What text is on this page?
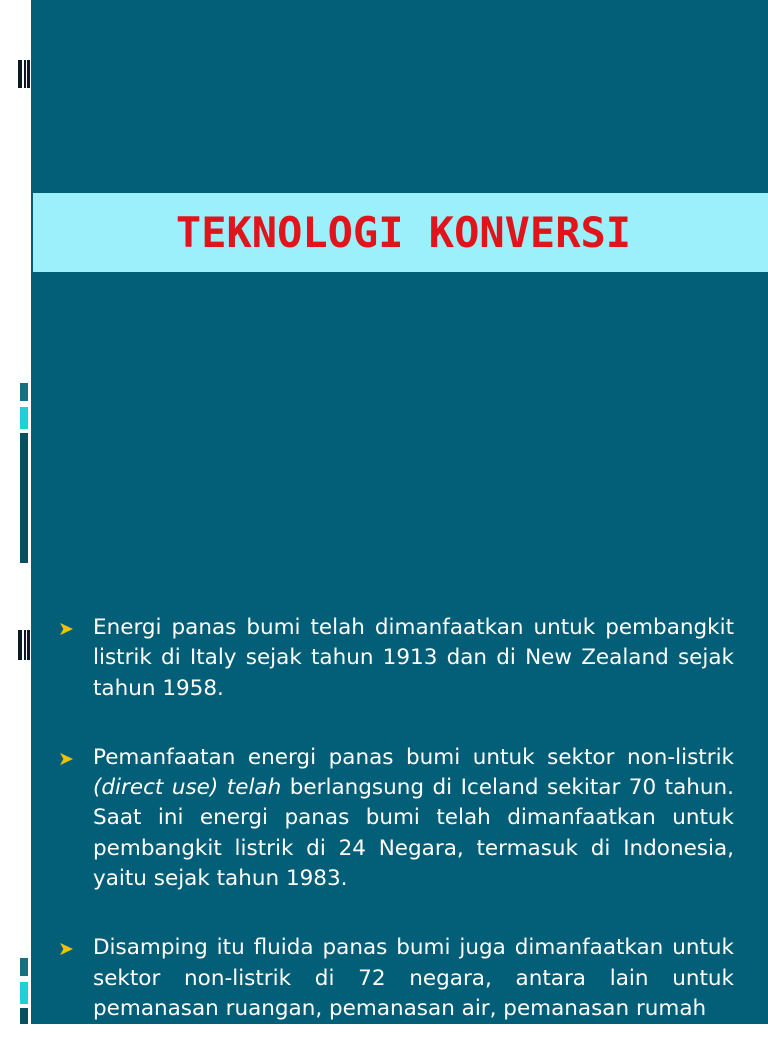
TEKNOLOGI KONVERSI
➤ Energi panas bumi telah dimanfaatkan untuk pembangkit listrik di Italy sejak tahun 1913 dan di New Zealand sejak tahun 1958.

➤ Pemanfaatan energi panas bumi untuk sektor non-listrik (direct use) telah berlangsung di Iceland sekitar 70 tahun. Saat ini energi panas bumi telah dimanfaatkan untuk pembangkit listrik di 24 Negara, termasuk di Indonesia, yaitu sejak tahun 1983.

➤ Disamping itu fluida panas bumi juga dimanfaatkan untuk sektor non-listrik di 72 negara, antara lain untuk pemanasan ruangan, pemanasan air, pemanasan rumah
